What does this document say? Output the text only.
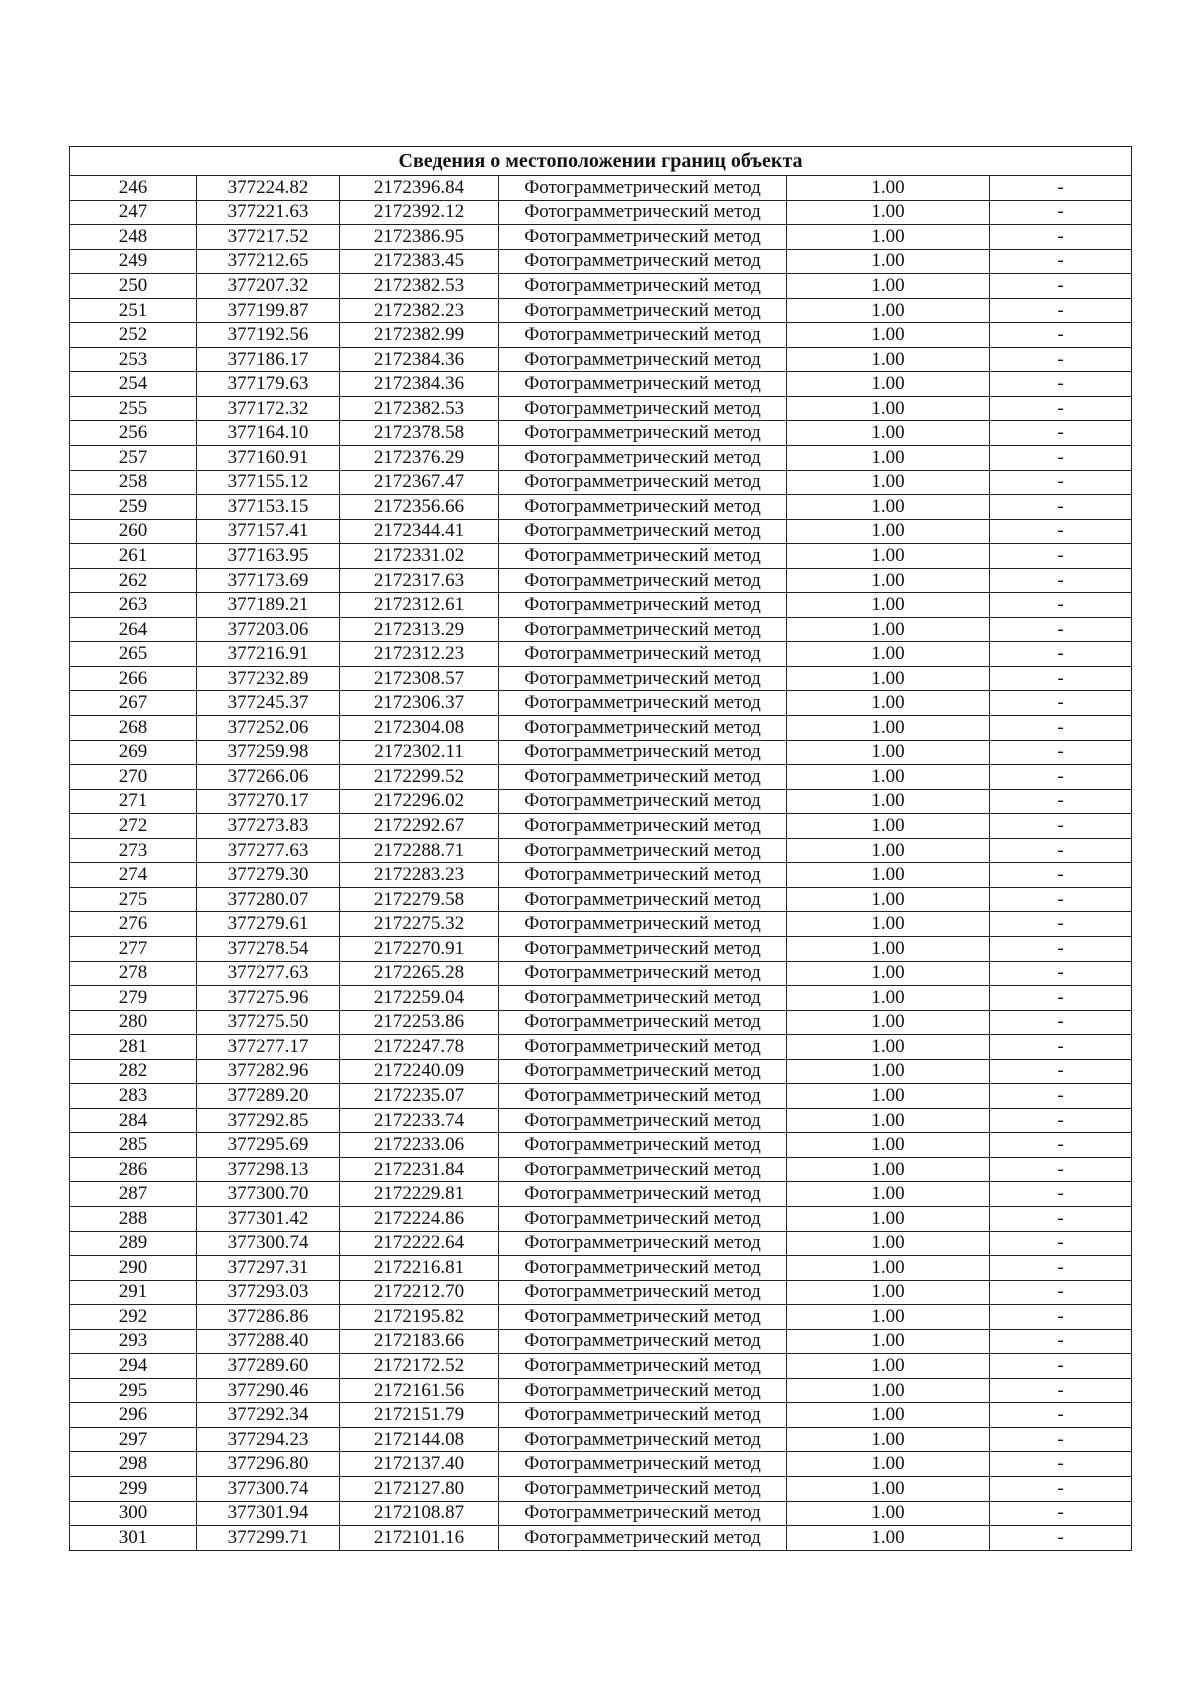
Сведения о местоположении границ объекта					
246	377224.82	2172396.84	Фотограмметрический метод	1.00	-
247	377221.63	2172392.12	Фотограмметрический метод	1.00	-
248	377217.52	2172386.95	Фотограмметрический метод	1.00	-
249	377212.65	2172383.45	Фотограмметрический метод	1.00	-
250	377207.32	2172382.53	Фотограмметрический метод	1.00	-
251	377199.87	2172382.23	Фотограмметрический метод	1.00	-
252	377192.56	2172382.99	Фотограмметрический метод	1.00	-
253	377186.17	2172384.36	Фотограмметрический метод	1.00	-
254	377179.63	2172384.36	Фотограмметрический метод	1.00	-
255	377172.32	2172382.53	Фотограмметрический метод	1.00	-
256	377164.10	2172378.58	Фотограмметрический метод	1.00	-
257	377160.91	2172376.29	Фотограмметрический метод	1.00	-
258	377155.12	2172367.47	Фотограмметрический метод	1.00	-
259	377153.15	2172356.66	Фотограмметрический метод	1.00	-
260	377157.41	2172344.41	Фотограмметрический метод	1.00	-
261	377163.95	2172331.02	Фотограмметрический метод	1.00	-
262	377173.69	2172317.63	Фотограмметрический метод	1.00	-
263	377189.21	2172312.61	Фотограмметрический метод	1.00	-
264	377203.06	2172313.29	Фотограмметрический метод	1.00	-
265	377216.91	2172312.23	Фотограмметрический метод	1.00	-
266	377232.89	2172308.57	Фотограмметрический метод	1.00	-
267	377245.37	2172306.37	Фотограмметрический метод	1.00	-
268	377252.06	2172304.08	Фотограмметрический метод	1.00	-
269	377259.98	2172302.11	Фотограмметрический метод	1.00	-
270	377266.06	2172299.52	Фотограмметрический метод	1.00	-
271	377270.17	2172296.02	Фотограмметрический метод	1.00	-
272	377273.83	2172292.67	Фотограмметрический метод	1.00	-
273	377277.63	2172288.71	Фотограмметрический метод	1.00	-
274	377279.30	2172283.23	Фотограмметрический метод	1.00	-
275	377280.07	2172279.58	Фотограмметрический метод	1.00	-
276	377279.61	2172275.32	Фотограмметрический метод	1.00	-
277	377278.54	2172270.91	Фотограмметрический метод	1.00	-
278	377277.63	2172265.28	Фотограмметрический метод	1.00	-
279	377275.96	2172259.04	Фотограмметрический метод	1.00	-
280	377275.50	2172253.86	Фотограмметрический метод	1.00	-
281	377277.17	2172247.78	Фотограмметрический метод	1.00	-
282	377282.96	2172240.09	Фотограмметрический метод	1.00	-
283	377289.20	2172235.07	Фотограмметрический метод	1.00	-
284	377292.85	2172233.74	Фотограмметрический метод	1.00	-
285	377295.69	2172233.06	Фотограмметрический метод	1.00	-
286	377298.13	2172231.84	Фотограмметрический метод	1.00	-
287	377300.70	2172229.81	Фотограмметрический метод	1.00	-
288	377301.42	2172224.86	Фотограмметрический метод	1.00	-
289	377300.74	2172222.64	Фотограмметрический метод	1.00	-
290	377297.31	2172216.81	Фотограмметрический метод	1.00	-
291	377293.03	2172212.70	Фотограмметрический метод	1.00	-
292	377286.86	2172195.82	Фотограмметрический метод	1.00	-
293	377288.40	2172183.66	Фотограмметрический метод	1.00	-
294	377289.60	2172172.52	Фотограмметрический метод	1.00	-
295	377290.46	2172161.56	Фотограмметрический метод	1.00	-
296	377292.34	2172151.79	Фотограмметрический метод	1.00	-
297	377294.23	2172144.08	Фотограмметрический метод	1.00	-
298	377296.80	2172137.40	Фотограмметрический метод	1.00	-
299	377300.74	2172127.80	Фотограмметрический метод	1.00	-
300	377301.94	2172108.87	Фотограмметрический метод	1.00	-
301	377299.71	2172101.16	Фотограмметрический метод	1.00	-
